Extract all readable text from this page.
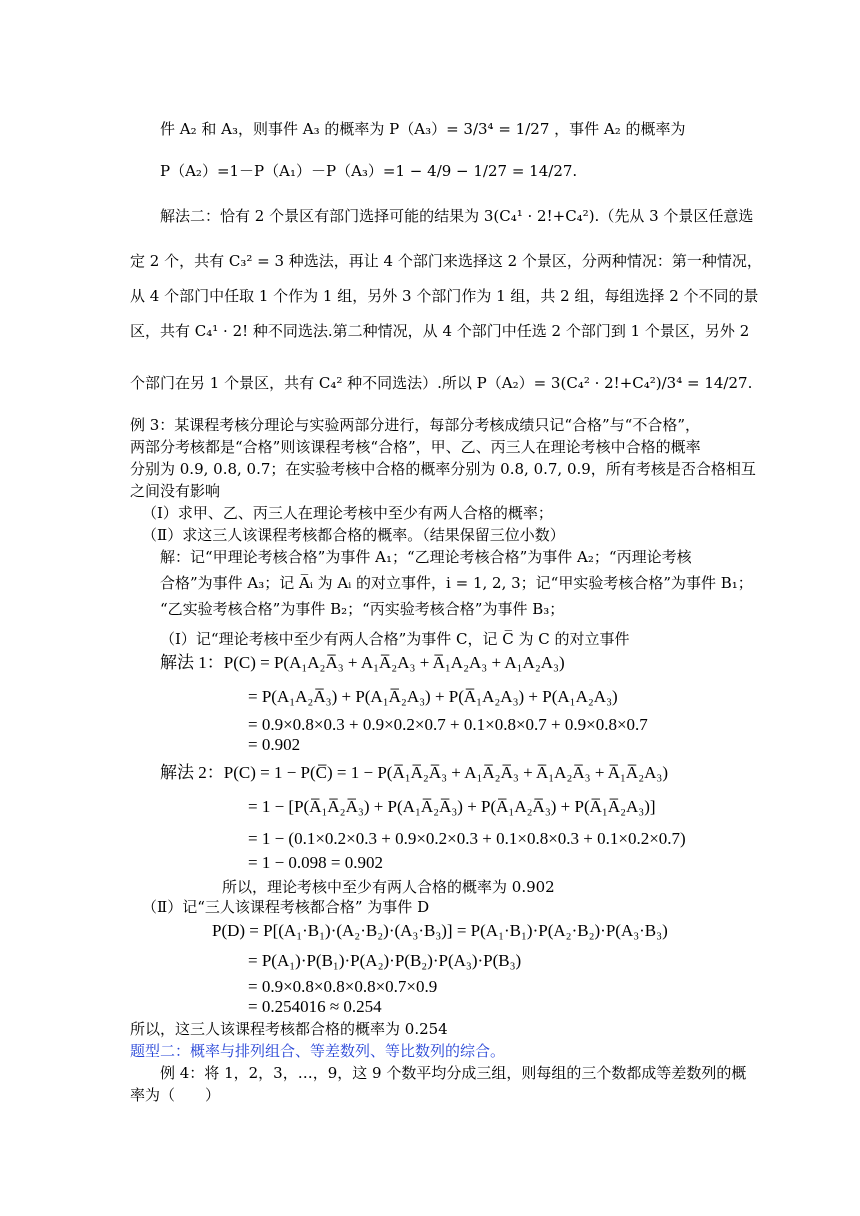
件 A₂ 和 A₃，则事件 A₃ 的概率为 P（A₃）= 3/3⁴ = 1/27 ，事件 A₂ 的概率为
P（A₂）=1－P（A₁）－P（A₃）=1 − 4/9 − 1/27 = 14/27.
解法二：恰有 2 个景区有部门选择可能的结果为 3(C₄¹ · 2!+C₄²).（先从 3 个景区任意选
定 2 个，共有 C₃² = 3 种选法，再让 4 个部门来选择这 2 个景区，分两种情况：第一种情况，
从 4 个部门中任取 1 个作为 1 组，另外 3 个部门作为 1 组，共 2 组，每组选择 2 个不同的景
区，共有 C₄¹ · 2! 种不同选法.第二种情况，从 4 个部门中任选 2 个部门到 1 个景区，另外 2
个部门在另 1 个景区，共有 C₄² 种不同选法）.所以 P（A₂）= 3(C₄² · 2!+C₄²)/3⁴ = 14/27.
例 3：某课程考核分理论与实验两部分进行，每部分考核成绩只记“合格”与“不合格”，
两部分考核都是“合格”则该课程考核“合格”，甲、乙、丙三人在理论考核中合格的概率
分别为 0.9, 0.8, 0.7；在实验考核中合格的概率分别为 0.8, 0.7, 0.9，所有考核是否合格相互
之间没有影响
（Ⅰ）求甲、乙、丙三人在理论考核中至少有两人合格的概率；
（Ⅱ）求这三人该课程考核都合格的概率。（结果保留三位小数）
解：记“甲理论考核合格”为事件 A₁；“乙理论考核合格”为事件 A₂；“丙理论考核
合格”为事件 A₃；记 A̅ᵢ 为 Aᵢ 的对立事件，i = 1, 2, 3；记“甲实验考核合格”为事件 B₁；
“乙实验考核合格”为事件 B₂；“丙实验考核合格”为事件 B₃；
（Ⅰ）记“理论考核中至少有两人合格”为事件 C，记 C̅ 为 C 的对立事件
解法 1：P(C) = P(A₁A₂A̅₃ + A₁A̅₂A₃ + A̅₁A₂A₃ + A₁A₂A₃)
= P(A₁A₂A̅₃) + P(A₁A̅₂A₃) + P(A̅₁A₂A₃) + P(A₁A₂A₃)
= 0.9×0.8×0.3 + 0.9×0.2×0.7 + 0.1×0.8×0.7 + 0.9×0.8×0.7
= 0.902
解法 2：P(C) = 1 − P(C̅) = 1 − P(A̅₁A̅₂A̅₃ + A₁A̅₂A̅₃ + A̅₁A₂A̅₃ + A̅₁A̅₂A₃)
= 1 − [P(A̅₁A̅₂A̅₃) + P(A₁A̅₂A̅₃) + P(A̅₁A₂A̅₃) + P(A̅₁A̅₂A₃)]
= 1 − (0.1×0.2×0.3 + 0.9×0.2×0.3 + 0.1×0.8×0.3 + 0.1×0.2×0.7)
= 1 − 0.098 = 0.902
所以，理论考核中至少有两人合格的概率为 0.902
（Ⅱ）记“三人该课程考核都合格” 为事件 D
P(D) = P[(A₁·B₁)·(A₂·B₂)·(A₃·B₃)] = P(A₁·B₁)·P(A₂·B₂)·P(A₃·B₃)
= P(A₁)·P(B₁)·P(A₂)·P(B₂)·P(A₃)·P(B₃)
= 0.9×0.8×0.8×0.8×0.7×0.9
= 0.254016 ≈ 0.254
所以，这三人该课程考核都合格的概率为 0.254
题型二：概率与排列组合、等差数列、等比数列的综合。
例 4：将 1，2，3，…，9，这 9 个数平均分成三组，则每组的三个数都成等差数列的概
率为（　　）
